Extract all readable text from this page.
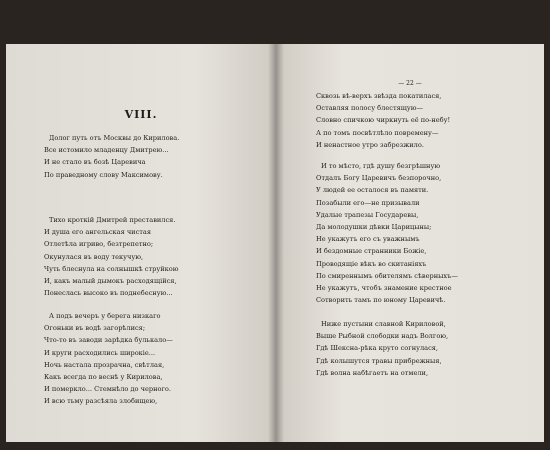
VIII.
Долог путь отъ Москвы до Кирилова.
Все истомило младенцу Дмитрею...
И не стало въ бозѣ Царевича
По праведному слову Максимову.
Тихо кроткій Дмитрей преставился.
И душа его ангельская чистая
Отлетѣла игриво, безтрепетно;
Окунулася въ воду текучую,
Чуть блеснула на солнышкѣ струйкою
И, какъ малый дымокъ расходящійся,
Понеслась высоко въ поднебесную...
А подъ вечеръ у берега низкаго
Огоньки въ водѣ загорѣлися;
Что-то въ заводи зарѣдка булькало—
И круги расходились широкіе...
Ночь настала прозрачна, свѣтлая,
Какъ всегда по веснѣ у Кирилова,
И померкло... Стемнѣло до черного.
И всю тьму разсѣяла злобищею,
— 22 —
Сквозь вѣ-верхъ звѣзда покатилася,
Оставляя полосу блестящую—
Словно спичкою чиркнуть её по-небу!
А по томъ посвѣтлѣло повремену—
И ненастное утро забрезжило.
И то мѣсто, гдѣ душу безгрѣшную
Отдалъ Богу Царевичъ безпорочно,
У людей ее осталося въ памяти.
Позабыли его—не призывали
Удалые трапезы Государевы,
Да молодушки дѣвки Царицыны;
Не укажутъ его съ уважнымъ
И бездомные странники Божіе,
Проводящіе вѣкъ во скитаніяхъ
По смиреннымъ обителямъ сѣверныхъ—
Не укажутъ, чтобъ знамение крестное
Сотворить тамъ по юному Царевичѣ.
Ниже пустыни славной Кириловой,
Выше Рыбной слободки надъ Волгою,
Гдѣ Шексна-рѣка круто согнулася,
Гдѣ колышутся травы прибрежныя,
Гдѣ волна набѣгаетъ на отмели,
